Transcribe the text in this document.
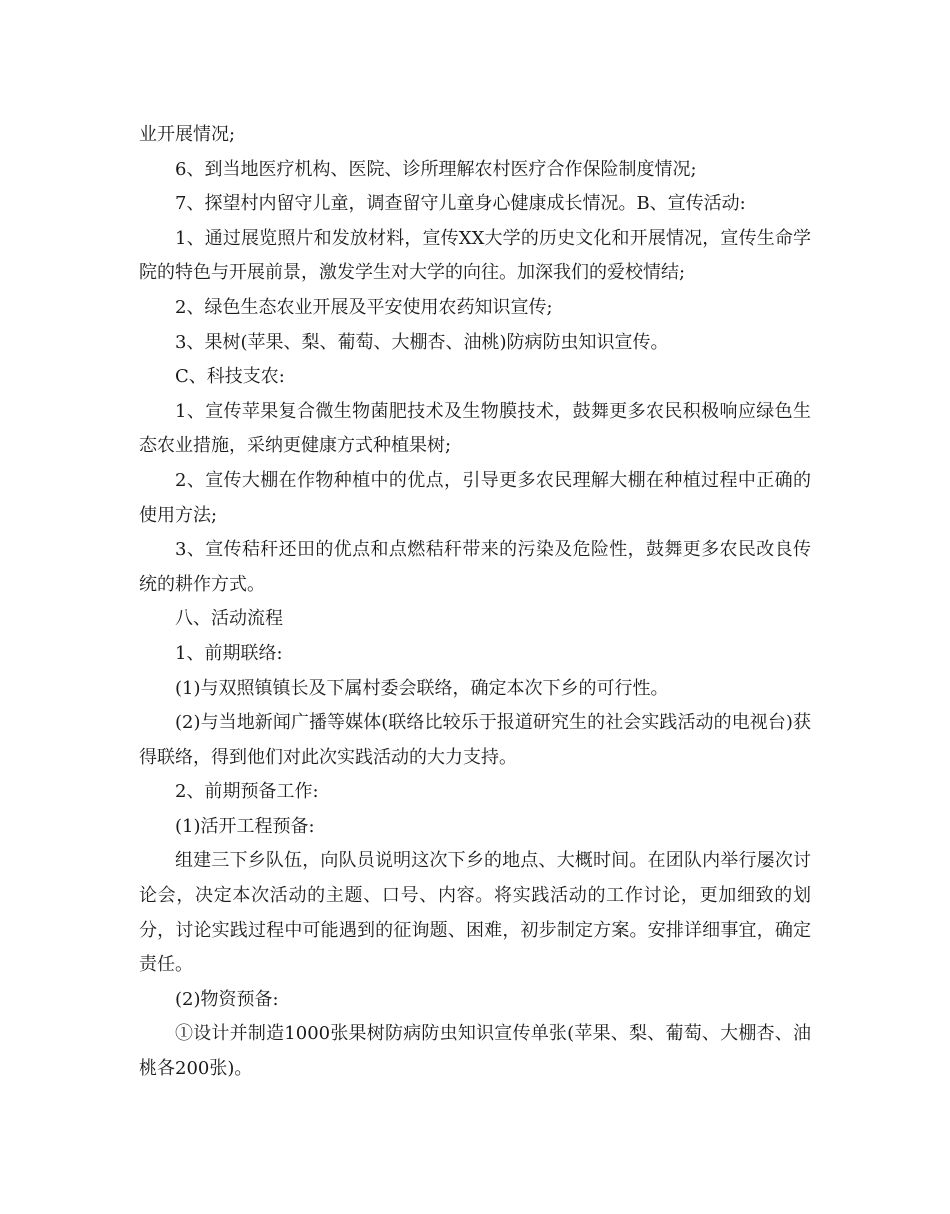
业开展情况;

6、到当地医疗机构、医院、诊所理解农村医疗合作保险制度情况;

7、探望村内留守儿童，调查留守儿童身心健康成长情况。B、宣传活动:

1、通过展览照片和发放材料，宣传XX大学的历史文化和开展情况，宣传生命学院的特色与开展前景，激发学生对大学的向往。加深我们的爱校情结;

2、绿色生态农业开展及平安使用农药知识宣传;

3、果树(苹果、梨、葡萄、大棚杏、油桃)防病防虫知识宣传。

C、科技支农:

1、宣传苹果复合微生物菌肥技术及生物膜技术，鼓舞更多农民积极响应绿色生态农业措施，采纳更健康方式种植果树;

2、宣传大棚在作物种植中的优点，引导更多农民理解大棚在种植过程中正确的使用方法;

3、宣传秸秆还田的优点和点燃秸秆带来的污染及危险性，鼓舞更多农民改良传统的耕作方式。

八、活动流程

1、前期联络:

(1)与双照镇镇长及下属村委会联络，确定本次下乡的可行性。

(2)与当地新闻广播等媒体(联络比较乐于报道研究生的社会实践活动的电视台)获得联络，得到他们对此次实践活动的大力支持。

2、前期预备工作:

(1)活开工程预备:

组建三下乡队伍，向队员说明这次下乡的地点、大概时间。在团队内举行屡次讨论会，决定本次活动的主题、口号、内容。将实践活动的工作讨论，更加细致的划分，讨论实践过程中可能遇到的征询题、困难，初步制定方案。安排详细事宜，确定责任。

(2)物资预备:

①设计并制造1000张果树防病防虫知识宣传单张(苹果、梨、葡萄、大棚杏、油桃各200张)。
